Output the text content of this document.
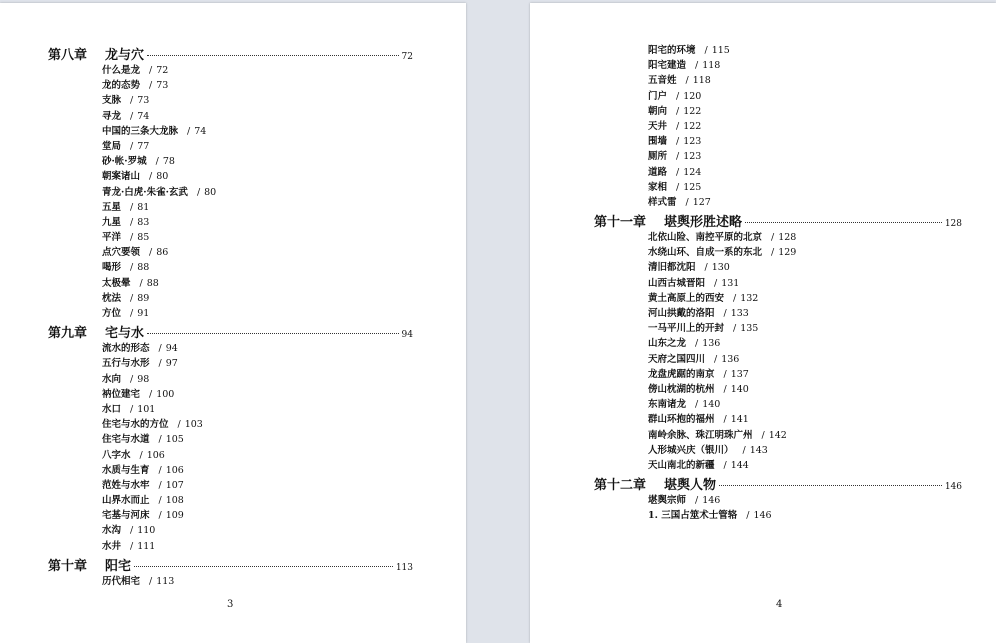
第八章 龙与穴	72
什么是龙 / 72
龙的态势 / 73
支脉 / 73
寻龙 / 74
中国的三条大龙脉 / 74
堂局 / 77
砂·帐·罗城 / 78
朝案诸山 / 80
青龙·白虎·朱雀·玄武 / 80
五星 / 81
九星 / 83
平洋 / 85
点穴要领 / 86
喝形 / 88
太极晕 / 88
枕法 / 89
方位 / 91
第九章 宅与水	94
流水的形态 / 94
五行与水形 / 97
水向 / 98
衲位建宅 / 100
水口 / 101
住宅与水的方位 / 103
住宅与水道 / 105
八字水 / 106
水质与生育 / 106
范姓与水牢 / 107
山界水而止 / 108
宅基与河床 / 109
水沟 / 110
水井 / 111
第十章 阳宅	113
历代相宅 / 113
3	4
阳宅的环境 / 115
阳宅建造 / 118
五音姓 / 118
门户 / 120
朝向 / 122
天井 / 122
围墙 / 123
厕所 / 123
道路 / 124
家相 / 125
样式雷 / 127
第十一章 堪舆形胜述略	128
北依山险、南控平原的北京 / 128
水绕山环、自成一系的东北 / 129
清旧都沈阳 / 130
山西古城晋阳 / 131
黄土高原上的西安 / 132
河山拱戴的洛阳 / 133
一马平川上的开封 / 135
山东之龙 / 136
天府之国四川 / 136
龙盘虎踞的南京 / 137
傍山枕湖的杭州 / 140
东南诸龙 / 140
群山环抱的福州 / 141
南岭余脉、珠江明珠广州 / 142
人形城兴庆（银川） / 143
天山南北的新疆 / 144
第十二章 堪舆人物	146
堪舆宗师 / 146
1. 三国占筮术士管辂 / 146
